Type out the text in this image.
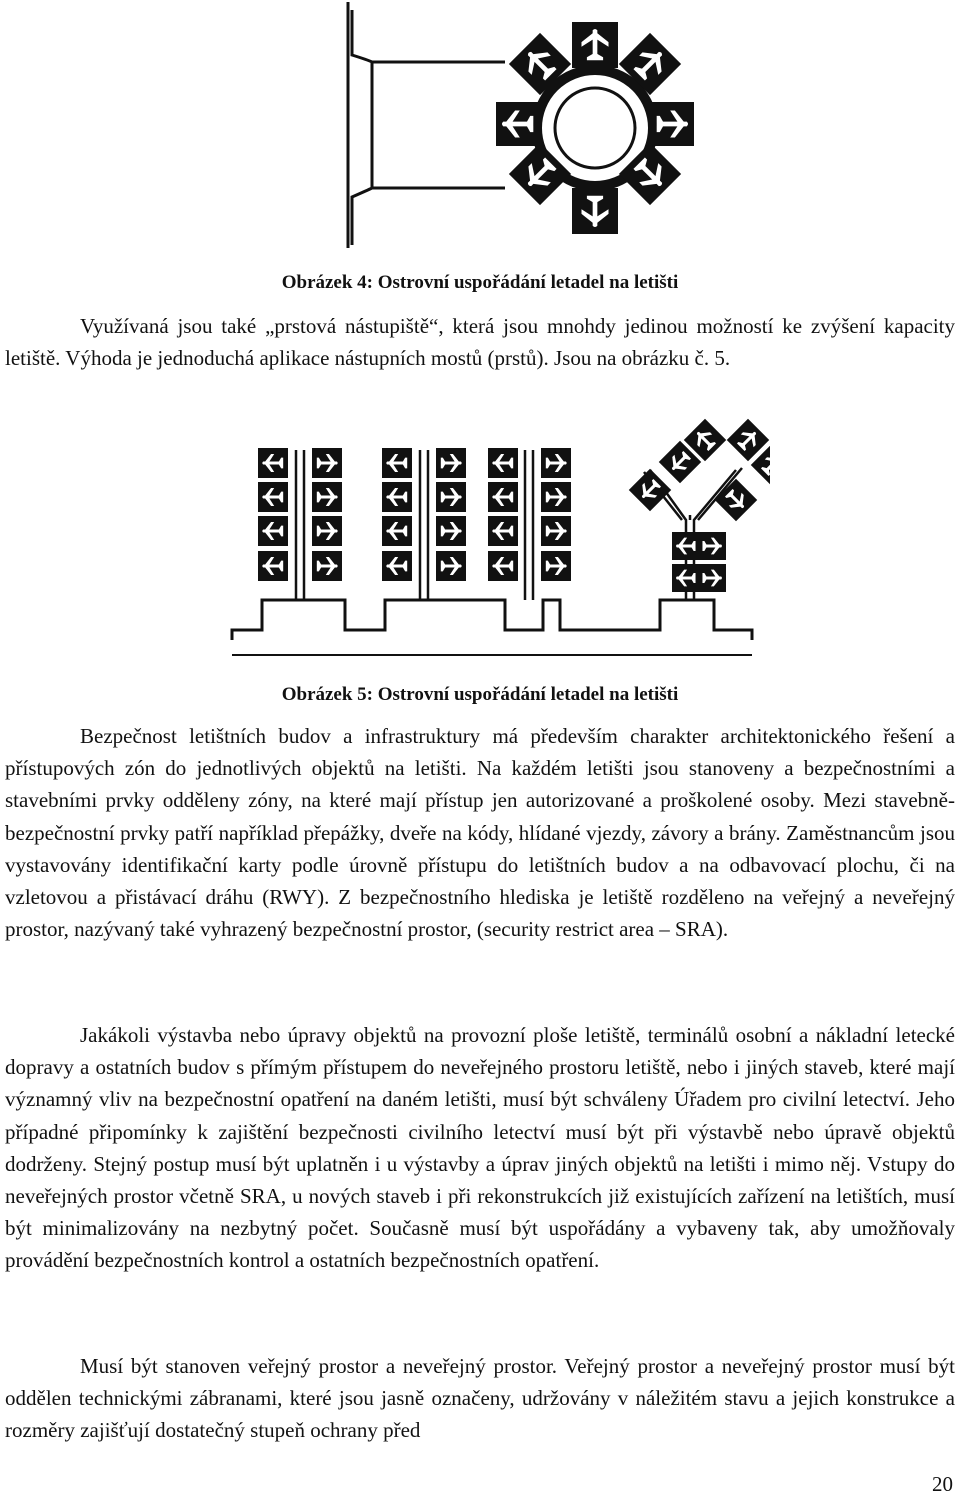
Obrázek 4: Ostrovní uspořádání letadel na letišti

Využívaná jsou také „prstová nástupiště“, která jsou mnohdy jedinou možností ke zvýšení kapacity letiště. Výhoda je jednoduchá aplikace nástupních mostů (prstů). Jsou na obrázku č. 5.

Obrázek 5: Ostrovní uspořádání letadel na letišti

Bezpečnost letištních budov a infrastruktury má především charakter architektonického řešení a přístupových zón do jednotlivých objektů na letišti. Na každém letišti jsou stanoveny a bezpečnostními a stavebními prvky odděleny zóny, na které mají přístup jen autorizované a proškolené osoby. Mezi stavebně-bezpečnostní prvky patří například přepážky, dveře na kódy, hlídané vjezdy, závory a brány. Zaměstnancům jsou vystavovány identifikační karty podle úrovně přístupu do letištních budov a na odbavovací plochu, či na vzletovou a přistávací dráhu (RWY). Z bezpečnostního hlediska je letiště rozděleno na veřejný a neveřejný prostor, nazývaný také vyhrazený bezpečnostní prostor, (security restrict area – SRA).

Jakákoli výstavba nebo úpravy objektů na provozní ploše letiště, terminálů osobní a nákladní letecké dopravy a ostatních budov s přímým přístupem do neveřejného prostoru letiště, nebo i jiných staveb, které mají významný vliv na bezpečnostní opatření na daném letišti, musí být schváleny Úřadem pro civilní letectví. Jeho případné připomínky k zajištění bezpečnosti civilního letectví musí být při výstavbě nebo úpravě objektů dodrženy. Stejný postup musí být uplatněn i u výstavby a úprav jiných objektů na letišti i mimo něj. Vstupy do neveřejných prostor včetně SRA, u nových staveb i při rekonstrukcích již existujících zařízení na letištích, musí být minimalizovány na nezbytný počet. Současně musí být uspořádány a vybaveny tak, aby umožňovaly provádění bezpečnostních kontrol a ostatních bezpečnostních opatření.

Musí být stanoven veřejný prostor a neveřejný prostor. Veřejný prostor a neveřejný prostor musí být oddělen technickými zábranami, které jsou jasně označeny, udržovány v náležitém stavu a jejich konstrukce a rozměry zajišťují dostatečný stupeň ochrany před

20
